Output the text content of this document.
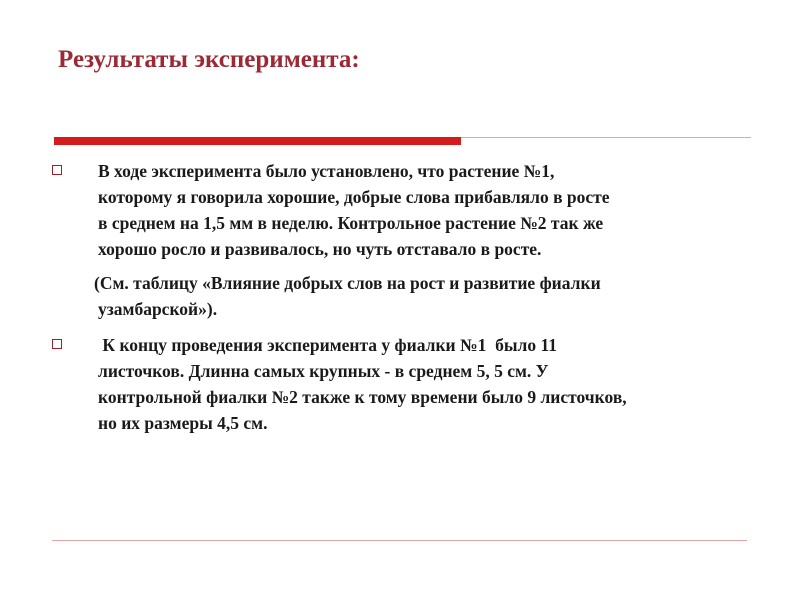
Результаты эксперимента:
В ходе эксперимента было установлено, что растение №1,
которому я говорила хорошие, добрые слова прибавляло в росте
в среднем на 1,5 мм в неделю. Контрольное растение №2 так же
хорошо росло и развивалось, но чуть отставало в росте.
(См. таблицу «Влияние добрых слов на рост и развитие фиалки
узамбарской»).
К концу проведения эксперимента у фиалки №1  было 11
листочков. Длинна самых крупных - в среднем 5, 5 см. У
контрольной фиалки №2 также к тому времени было 9 листочков,
но их размеры 4,5 см.
